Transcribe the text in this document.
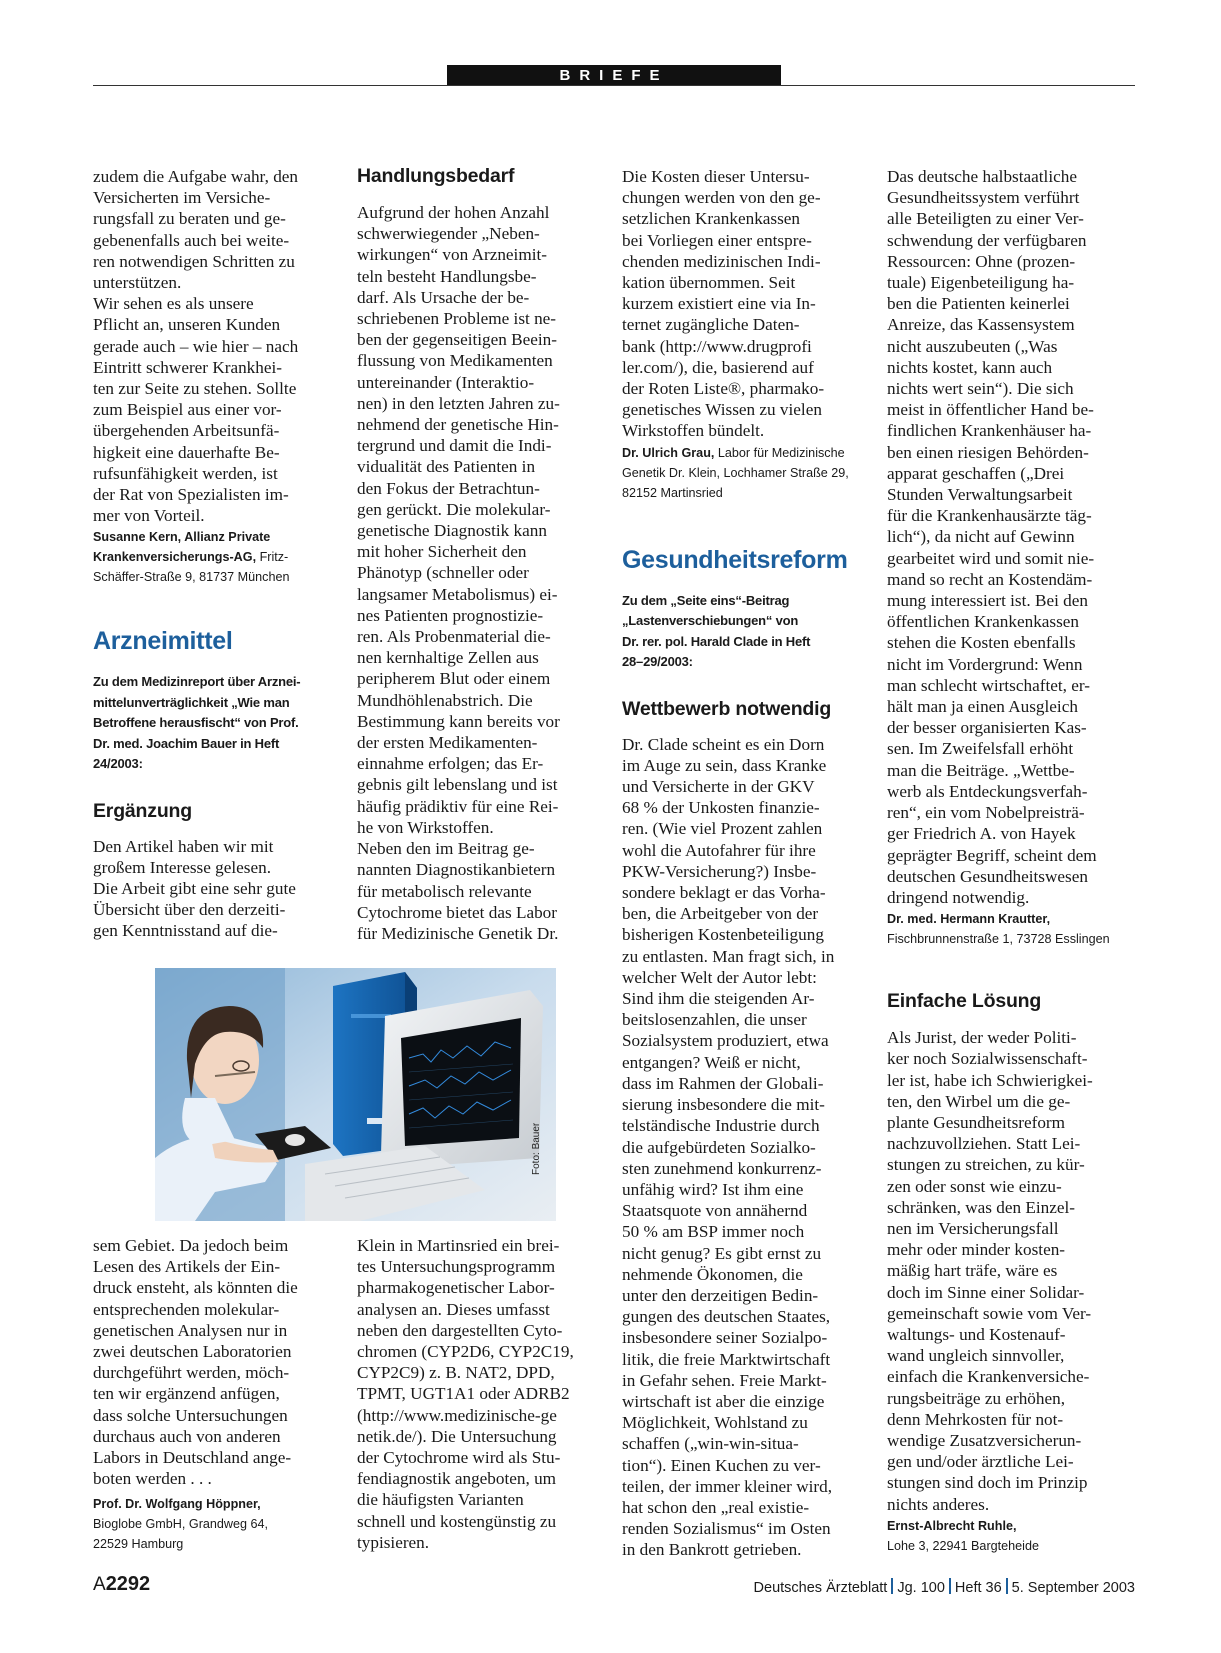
BRIEFE
zudem die Aufgabe wahr, den
Versicherten im Versiche-
rungsfall zu beraten und ge-
gebenenfalls auch bei weite-
ren notwendigen Schritten zu
unterstützen.
Wir sehen es als unsere
Pflicht an, unseren Kunden
gerade auch – wie hier – nach
Eintritt schwerer Krankhei-
ten zur Seite zu stehen. Sollte
zum Beispiel aus einer vor-
übergehenden Arbeitsunfä-
higkeit eine dauerhafte Be-
rufsunfähigkeit werden, ist
der Rat von Spezialisten im-
mer von Vorteil.
Susanne Kern, Allianz Private Krankenversicherungs-AG, Fritz-Schäffer-Straße 9, 81737 München
Arzneimittel
Zu dem Medizinreport über Arznei-
mittelunverträglichkeit „Wie man
Betroffene herausfischt“ von Prof.
Dr. med. Joachim Bauer in Heft
24/2003:
Ergänzung
Den Artikel haben wir mit
großem Interesse gelesen.
Die Arbeit gibt eine sehr gute
Übersicht über den derzeiti-
gen Kenntnisstand auf die-
sem Gebiet. Da jedoch beim
Lesen des Artikels der Ein-
druck ensteht, als könnten die
entsprechenden molekular-
genetischen Analysen nur in
zwei deutschen Laboratorien
durchgeführt werden, möch-
ten wir ergänzend anfügen,
dass solche Untersuchungen
durchaus auch von anderen
Labors in Deutschland ange-
boten werden . . .
Prof. Dr. Wolfgang Höppner,
Bioglobe GmbH, Grandweg 64,
22529 Hamburg
Handlungsbedarf
Aufgrund der hohen Anzahl
schwerwiegender „Neben-
wirkungen“ von Arzneimit-
teln besteht Handlungsbe-
darf. Als Ursache der be-
schriebenen Probleme ist ne-
ben der gegenseitigen Beein-
flussung von Medikamenten
untereinander (Interaktio-
nen) in den letzten Jahren zu-
nehmend der genetische Hin-
tergrund und damit die Indi-
vidualität des Patienten in
den Fokus der Betrachtun-
gen gerückt. Die molekular-
genetische Diagnostik kann
mit hoher Sicherheit den
Phänotyp (schneller oder
langsamer Metabolismus) ei-
nes Patienten prognostizie-
ren. Als Probenmaterial die-
nen kernhaltige Zellen aus
peripherem Blut oder einem
Mundhöhlenabstrich. Die
Bestimmung kann bereits vor
der ersten Medikamenten-
einnahme erfolgen; das Er-
gebnis gilt lebenslang und ist
häufig prädiktiv für eine Rei-
he von Wirkstoffen.
Neben den im Beitrag ge-
nannten Diagnostikanbietern
für metabolisch relevante
Cytochrome bietet das Labor
für Medizinische Genetik Dr.
Klein in Martinsried ein brei-
tes Untersuchungsprogramm
pharmakogenetischer Labor-
analysen an. Dieses umfasst
neben den dargestellten Cyto-
chromen (CYP2D6, CYP2C19,
CYP2C9) z. B. NAT2, DPD,
TPMT, UGT1A1 oder ADRB2
(http://www.medizinische-ge
netik.de/). Die Untersuchung
der Cytochrome wird als Stu-
fendiagnostik angeboten, um
die häufigsten Varianten
schnell und kostengünstig zu
typisieren.
Foto: Bauer
Die Kosten dieser Untersu-
chungen werden von den ge-
setzlichen Krankenkassen
bei Vorliegen einer entspre-
chenden medizinischen Indi-
kation übernommen. Seit
kurzem existiert eine via In-
ternet zugängliche Daten-
bank (http://www.drugprofi
ler.com/), die, basierend auf
der Roten Liste®, pharmako-
genetisches Wissen zu vielen
Wirkstoffen bündelt.
Dr. Ulrich Grau, Labor für Medizinische Genetik Dr. Klein, Lochhamer Straße 29, 82152 Martinsried
Gesundheitsreform
Zu dem „Seite eins“-Beitrag
„Lastenverschiebungen“ von
Dr. rer. pol. Harald Clade in Heft
28–29/2003:
Wettbewerb notwendig
Dr. Clade scheint es ein Dorn
im Auge zu sein, dass Kranke
und Versicherte in der GKV
68 % der Unkosten finanzie-
ren. (Wie viel Prozent zahlen
wohl die Autofahrer für ihre
PKW-Versicherung?) Insbe-
sondere beklagt er das Vorha-
ben, die Arbeitgeber von der
bisherigen Kostenbeteiligung
zu entlasten. Man fragt sich, in
welcher Welt der Autor lebt:
Sind ihm die steigenden Ar-
beitslosenzahlen, die unser
Sozialsystem produziert, etwa
entgangen? Weiß er nicht,
dass im Rahmen der Globali-
sierung insbesondere die mit-
telständische Industrie durch
die aufgebürdeten Sozialko-
sten zunehmend konkurrenz-
unfähig wird? Ist ihm eine
Staatsquote von annähernd
50 % am BSP immer noch
nicht genug? Es gibt ernst zu
nehmende Ökonomen, die
unter den derzeitigen Bedin-
gungen des deutschen Staates,
insbesondere seiner Sozialpo-
litik, die freie Marktwirtschaft
in Gefahr sehen. Freie Markt-
wirtschaft ist aber die einzige
Möglichkeit, Wohlstand zu
schaffen („win-win-situa-
tion“). Einen Kuchen zu ver-
teilen, der immer kleiner wird,
hat schon den „real existie-
renden Sozialismus“ im Osten
in den Bankrott getrieben.
Das deutsche halbstaatliche
Gesundheitssystem verführt
alle Beteiligten zu einer Ver-
schwendung der verfügbaren
Ressourcen: Ohne (prozen-
tuale) Eigenbeteiligung ha-
ben die Patienten keinerlei
Anreize, das Kassensystem
nicht auszubeuten („Was
nichts kostet, kann auch
nichts wert sein“). Die sich
meist in öffentlicher Hand be-
findlichen Krankenhäuser ha-
ben einen riesigen Behörden-
apparat geschaffen („Drei
Stunden Verwaltungsarbeit
für die Krankenhausärzte täg-
lich“), da nicht auf Gewinn
gearbeitet wird und somit nie-
mand so recht an Kostendäm-
mung interessiert ist. Bei den
öffentlichen Krankenkassen
stehen die Kosten ebenfalls
nicht im Vordergrund: Wenn
man schlecht wirtschaftet, er-
hält man ja einen Ausgleich
der besser organisierten Kas-
sen. Im Zweifelsfall erhöht
man die Beiträge. „Wettbe-
werb als Entdeckungsverfah-
ren“, ein vom Nobelpreisträ-
ger Friedrich A. von Hayek
geprägter Begriff, scheint dem
deutschen Gesundheitswesen
dringend notwendig.
Dr. med. Hermann Krautter,
Fischbrunnenstraße 1, 73728 Esslingen
Einfache Lösung
Als Jurist, der weder Politi-
ker noch Sozialwissenschaft-
ler ist, habe ich Schwierigkei-
ten, den Wirbel um die ge-
plante Gesundheitsreform
nachzuvollziehen. Statt Lei-
stungen zu streichen, zu kür-
zen oder sonst wie einzu-
schränken, was den Einzel-
nen im Versicherungsfall
mehr oder minder kosten-
mäßig hart träfe, wäre es
doch im Sinne einer Solidar-
gemeinschaft sowie vom Ver-
waltungs- und Kostenauf-
wand ungleich sinnvoller,
einfach die Krankenversiche-
rungsbeiträge zu erhöhen,
denn Mehrkosten für not-
wendige Zusatzversicherun-
gen und/oder ärztliche Lei-
stungen sind doch im Prinzip
nichts anderes.
Ernst-Albrecht Ruhle,
Lohe 3, 22941 Bargteheide
A2292	Deutsches Ärzteblatt Jg. 100 Heft 36 5. September 2003
